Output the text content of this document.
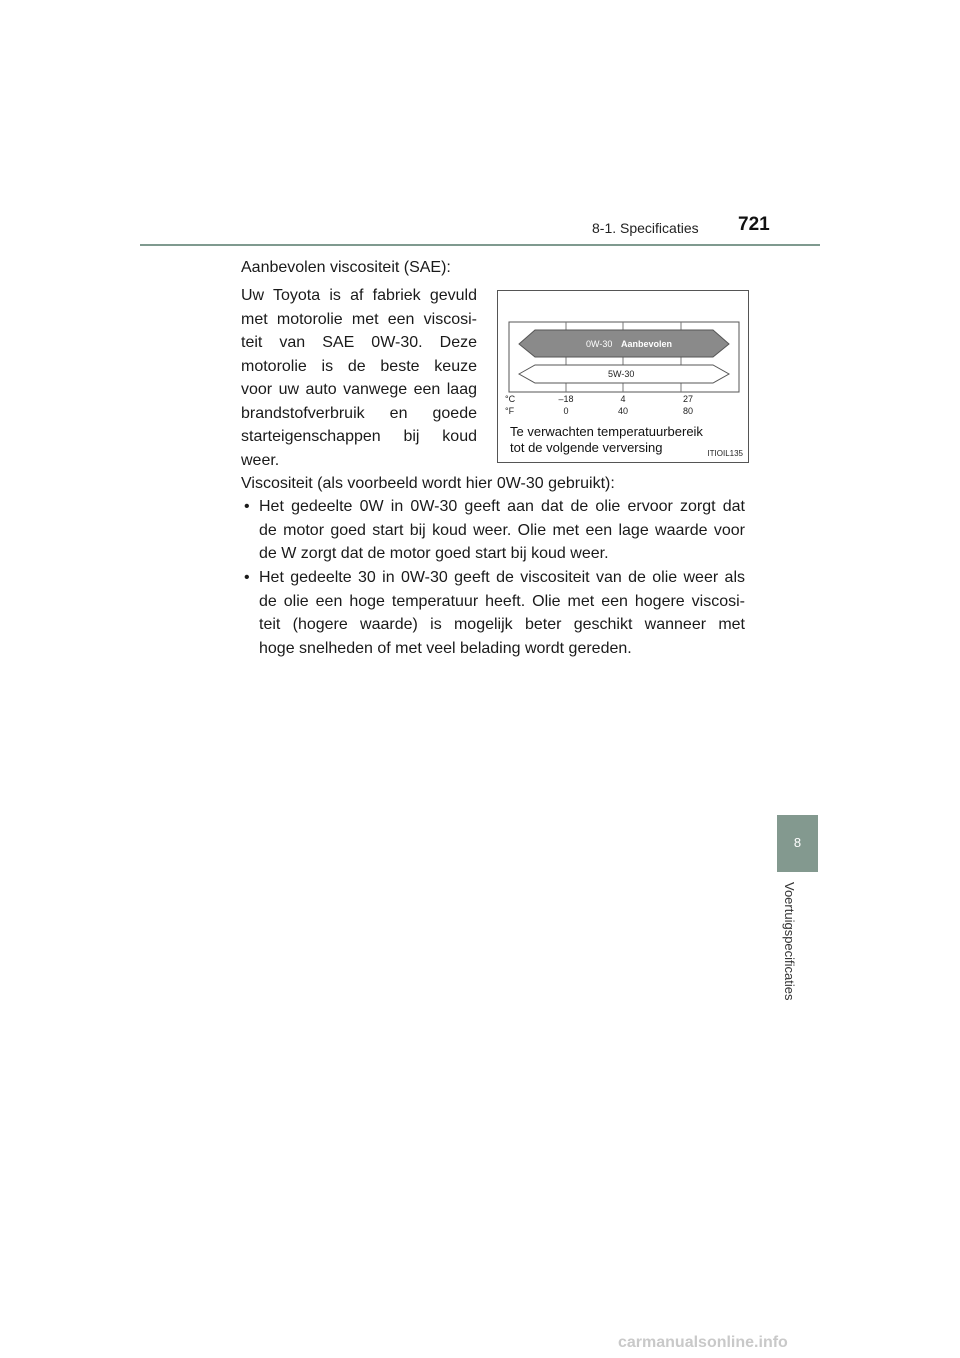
8-1. Specificaties 721
8
Voertuigspecificaties

Aanbevolen viscositeit (SAE):

Uw Toyota is af fabriek gevuld
met motorolie met een viscosi-
teit van SAE 0W-30. Deze
motorolie is de beste keuze
voor uw auto vanwege een laag
brandstofverbruik en goede
starteigenschappen bij koud
weer.

0W-30 Aanbevolen
5W-30
°C
°F
–18	4	27
0	40	80
Te verwachten temperatuurbereik
tot de volgende verversing	ITIOIL135

Viscositeit (als voorbeeld wordt hier 0W-30 gebruikt):

• Het gedeelte 0W in 0W-30 geeft aan dat de olie ervoor zorgt dat
de motor goed start bij koud weer. Olie met een lage waarde voor
de W zorgt dat de motor goed start bij koud weer.
• Het gedeelte 30 in 0W-30 geeft de viscositeit van de olie weer als
de olie een hoge temperatuur heeft. Olie met een hogere viscosi-
teit (hogere waarde) is mogelijk beter geschikt wanneer met
hoge snelheden of met veel belading wordt gereden.
carmanualsonline.info
